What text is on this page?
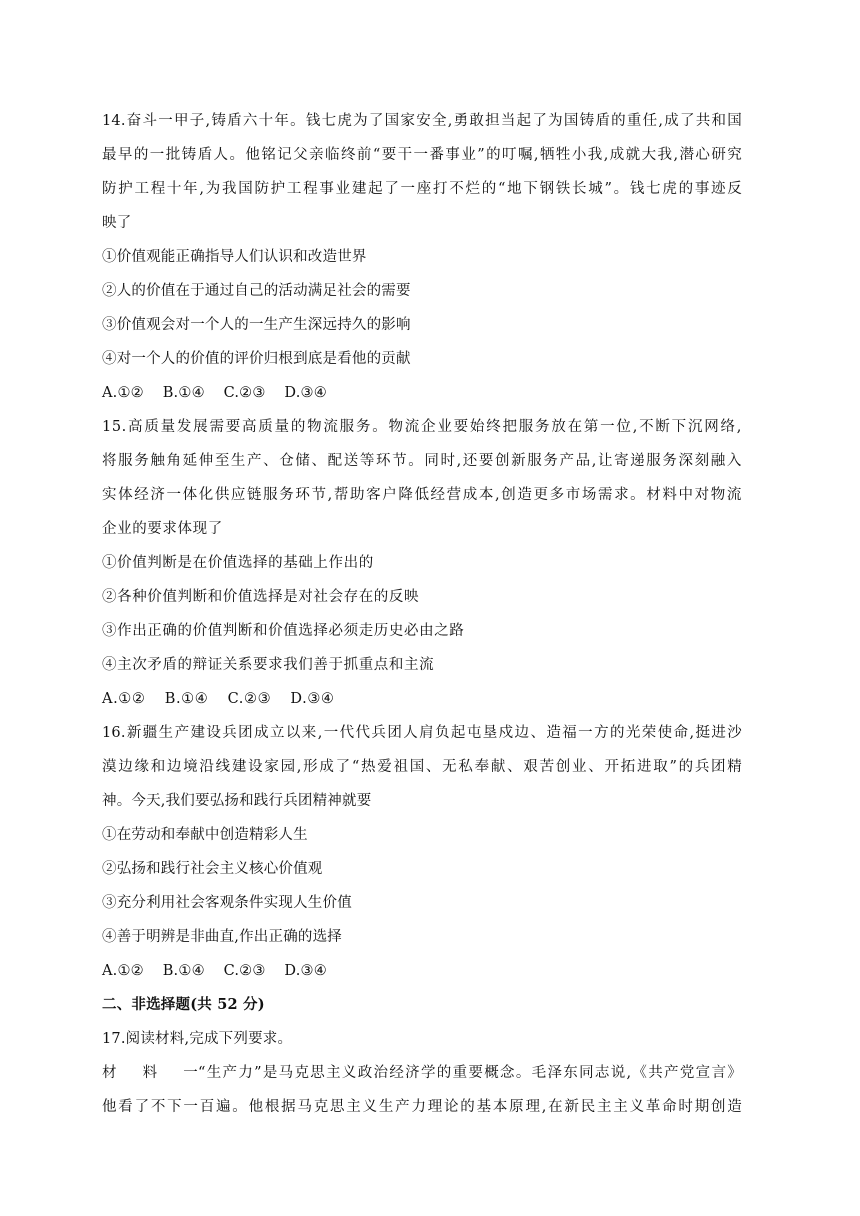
14.奋斗一甲子,铸盾六十年。钱七虎为了国家安全,勇敢担当起了为国铸盾的重任,成了共和国
最早的一批铸盾人。他铭记父亲临终前“要干一番事业”的叮嘱,牺牲小我,成就大我,潜心研究
防护工程十年,为我国防护工程事业建起了一座打不烂的“地下钢铁长城”。钱七虎的事迹反
映了
①价值观能正确指导人们认识和改造世界
②人的价值在于通过自己的活动满足社会的需要
③价值观会对一个人的一生产生深远持久的影响
④对一个人的价值的评价归根到底是看他的贡献
A.①② B.①④ C.②③ D.③④
15.高质量发展需要高质量的物流服务。物流企业要始终把服务放在第一位,不断下沉网络,
将服务触角延伸至生产、仓储、配送等环节。同时,还要创新服务产品,让寄递服务深刻融入
实体经济一体化供应链服务环节,帮助客户降低经营成本,创造更多市场需求。材料中对物流
企业的要求体现了
①价值判断是在价值选择的基础上作出的
②各种价值判断和价值选择是对社会存在的反映
③作出正确的价值判断和价值选择必须走历史必由之路
④主次矛盾的辩证关系要求我们善于抓重点和主流
A.①② B.①④ C.②③ D.③④
16.新疆生产建设兵团成立以来,一代代兵团人肩负起屯垦戍边、造福一方的光荣使命,挺进沙
漠边缘和边境沿线建设家园,形成了“热爱祖国、无私奉献、艰苦创业、开拓进取”的兵团精
神。今天,我们要弘扬和践行兵团精神就要
①在劳动和奉献中创造精彩人生
②弘扬和践行社会主义核心价值观
③充分利用社会客观条件实现人生价值
④善于明辨是非曲直,作出正确的选择
A.①② B.①④ C.②③ D.③④
二、非选择题(共 52 分)
17.阅读材料,完成下列要求。
材料一“生产力”是马克思主义政治经济学的重要概念。毛泽东同志说,《共产党宣言》
他看了不下一百遍。他根据马克思主义生产力理论的基本原理,在新民主主义革命时期创造
